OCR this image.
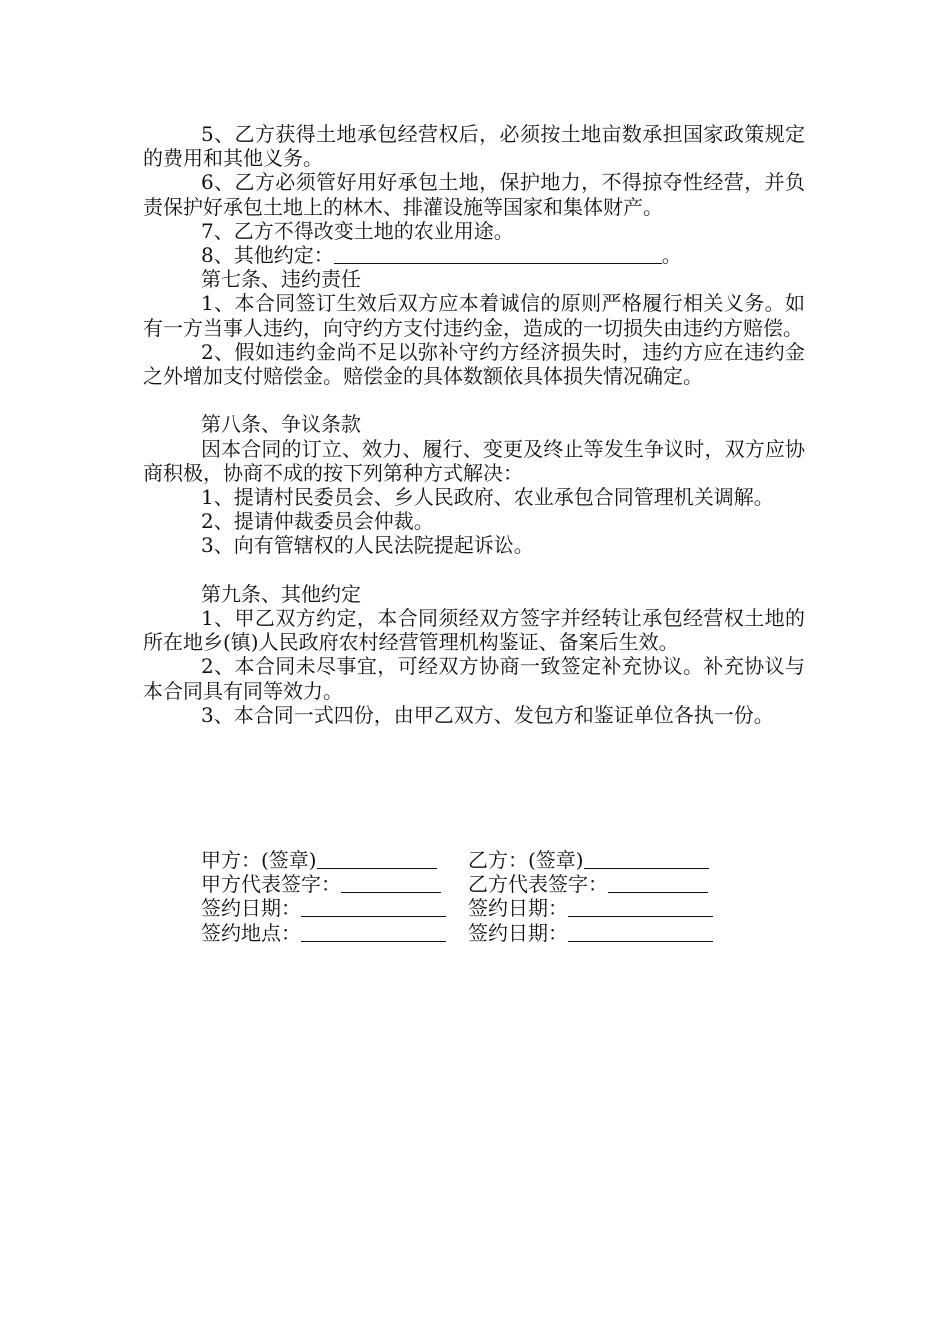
5、乙方获得土地承包经营权后，必须按土地亩数承担国家政策规定的费用和其他义务。

6、乙方必须管好用好承包土地，保护地力，不得掠夺性经营，并负责保护好承包土地上的林木、排灌设施等国家和集体财产。

7、乙方不得改变土地的农业用途。

8、其他约定：	。

第七条、违约责任

1、本合同签订生效后双方应本着诚信的原则严格履行相关义务。如有一方当事人违约，向守约方支付违约金，造成的一切损失由违约方赔偿。

2、假如违约金尚不足以弥补守约方经济损失时，违约方应在违约金之外增加支付赔偿金。赔偿金的具体数额依具体损失情况确定。

第八条、争议条款

因本合同的订立、效力、履行、变更及终止等发生争议时，双方应协商积极，协商不成的按下列第种方式解决：

1、提请村民委员会、乡人民政府、农业承包合同管理机关调解。

2、提请仲裁委员会仲裁。

3、向有管辖权的人民法院提起诉讼。

第九条、其他约定

1、甲乙双方约定，本合同须经双方签字并经转让承包经营权土地的所在地乡(镇)人民政府农村经营管理机构鉴证、备案后生效。

2、本合同未尽事宜，可经双方协商一致签定补充协议。补充协议与本合同具有同等效力。

3、本合同一式四份，由甲乙双方、发包方和鉴证单位各执一份。

甲方：(签章)	乙方：(签章)
甲方代表签字：	乙方代表签字：
签约日期：	签约日期：
签约地点：	签约日期：
